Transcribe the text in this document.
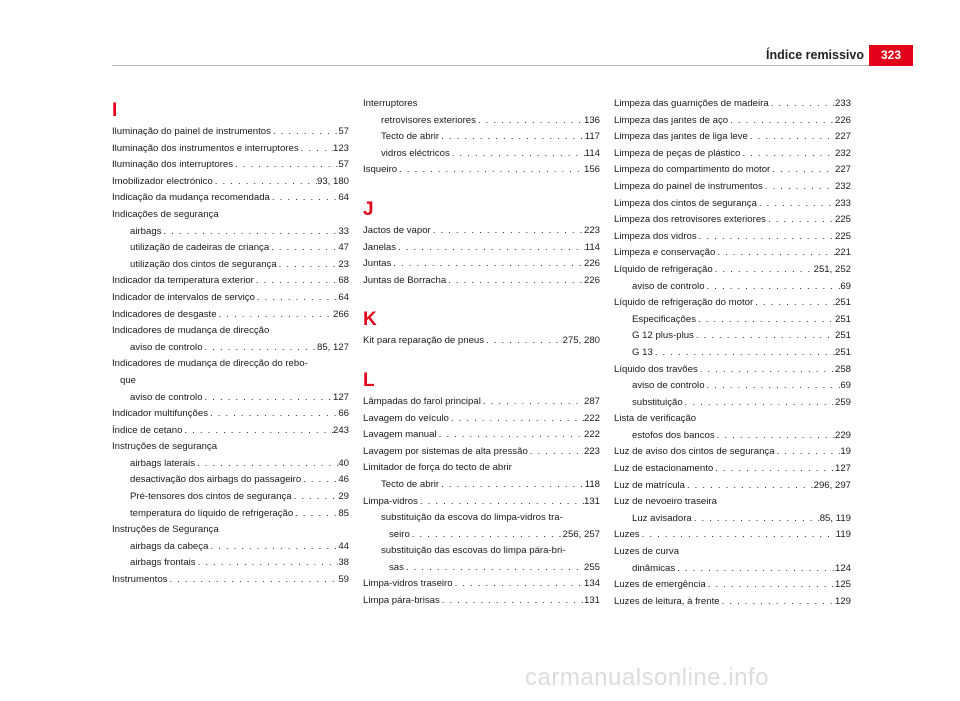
Índice remissivo	323
I
Iluminação do painel de instrumentos . . .	57
Iluminação dos instrumentos e interruptores . . .	123
Iluminação dos interruptores . . .	57
Imobilizador electrónico . . .	93, 180
Indicação da mudança recomendada . . .	64
Indicações de segurança
airbags . . .	33
utilização de cadeiras de criança . . .	47
utilização dos cintos de segurança . . .	23
Indicador da temperatura exterior . . .	68
Indicador de intervalos de serviço . . .	64
Indicadores de desgaste . . .	266
Indicadores de mudança de direcção
aviso de controlo . . .	85, 127
Indicadores de mudança de direcção do rebo-
que
aviso de controlo . . .	127
Indicador multifunções . . .	66
Índice de cetano . . .	243
Instruções de segurança
airbags laterais . . .	40
desactivação dos airbags do passageiro . . .	46
Pré-tensores dos cintos de segurança . . .	29
temperatura do líquido de refrigeração . . .	85
Instruções de Segurança
airbags da cabeça . . .	44
airbags frontais . . .	38
Instrumentos . . .	59
Interruptores
retrovisores exteriores . . .	136
Tecto de abrir . . .	117
vidros eléctricos . . .	114
Isqueiro . . .	156
J
Jactos de vapor . . .	223
Janelas . . .	114
Juntas . . .	226
Juntas de Borracha . . .	226
K
Kit para reparação de pneus . . .	275, 280
L
Lâmpadas do farol principal . . .	287
Lavagem do veículo . . .	222
Lavagem manual . . .	222
Lavagem por sistemas de alta pressão . . .	223
Limitador de força do tecto de abrir
Tecto de abrir . . .	118
Limpa-vidros . . .	131
substituição da escova do limpa-vidros tra-
seiro . . .	256, 257
substituição das escovas do limpa pára-bri-
sas . . .	255
Limpa-vidros traseiro . . .	134
Limpa pára-brisas . . .	131
Limpeza das guarnições de madeira . . .	233
Limpeza das jantes de aço . . .	226
Limpeza das jantes de liga leve . . .	227
Limpeza de peças de plástico . . .	232
Limpeza do compartimento do motor . . .	227
Limpeza do painel de instrumentos . . .	232
Limpeza dos cintos de segurança . . .	233
Limpeza dos retrovisores exteriores . . .	225
Limpeza dos vidros . . .	225
Limpeza e conservação . . .	221
Líquido de refrigeração . . .	251, 252
aviso de controlo . . .	69
Líquido de refrigeração do motor . . .	251
Especificações . . .	251
G 12 plus-plus . . .	251
G 13 . . .	251
Líquido dos travões . . .	258
aviso de controlo . . .	69
substituição . . .	259
Lista de verificação
estofos dos bancos . . .	229
Luz de aviso dos cintos de segurança . . .	19
Luz de estacionamento . . .	127
Luz de matrícula . . .	296, 297
Luz de nevoeiro traseira
Luz avisadora . . .	85, 119
Luzes . . .	119
Luzes de curva
dinâmicas . . .	124
Luzes de emergência . . .	125
Luzes de leitura, à frente . . .	129
carmanualsonline.info
